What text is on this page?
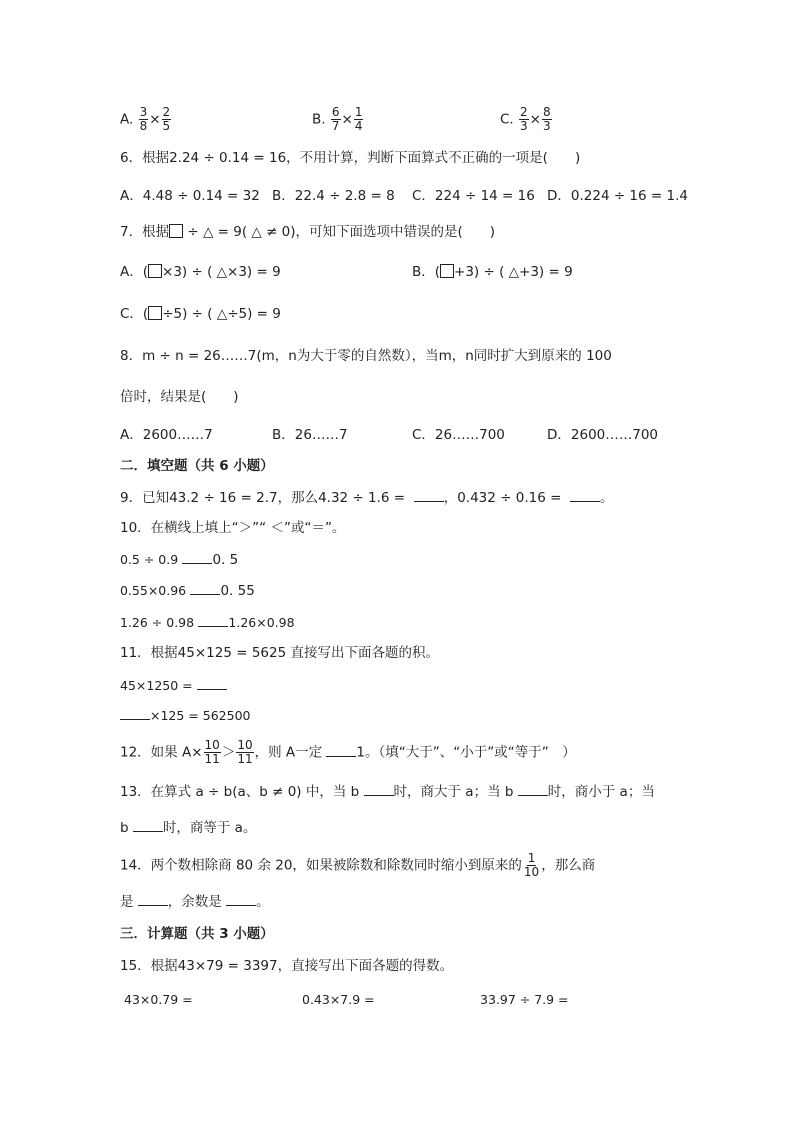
A. $\frac{3}{8} \times \frac{2}{5}$	B. $\frac{6}{7} \times \frac{1}{4}$	C. $\frac{2}{3} \times \frac{8}{3}$
6．根据2.24 ÷ 0.14 = 16，不用计算，判断下面算式不正确的一项是(　　)
A．4.48 ÷ 0.14 = 32 B．22.4 ÷ 2.8 = 8 C．224 ÷ 14 = 16 D．0.224 ÷ 16 = 1.4
7．根据 ÷ △ = 9( △ ≠ 0)，可知下面选项中错误的是(　　)
A．( ×3) ÷ ( △×3) = 9	B．( +3) ÷ ( △+3) = 9
C．( ÷5) ÷ ( △÷5) = 9
8．m ÷ n = 26……7(m，n为大于零的自然数），当m，n同时扩大到原来的 100
倍时，结果是(　　)
A．2600……7	B．26……7	C．26……700	D．2600……700
二．填空题（共 6 小题）
9．已知43.2 ÷ 16 = 2.7，那么4.32 ÷ 1.6 =	，0.432 ÷ 0.16 =	。
10．在横线上填上“＞”“ ＜”或“＝”。
0.5 ÷ 0.9	0. 5
0.55×0.96	0. 55
1.26 ÷ 0.98	1.26×0.98
11．根据45×125 = 5625 直接写出下面各题的积。
45×1250 =
×125 = 562500
12．如果 $A\times \frac{10}{11} > \frac{10}{11}$ ，则 A一定	1。（填“大于”、“小于”或“等于”　）
13．在算式 a ÷ b(a、b ≠ 0) 中，当 b	时，商大于 a；当 b	时，商小于 a；当
b	时，商等于 a。
14．两个数相除商 80 余 20，如果被除数和除数同时缩小到原来的 $\frac{1}{10}$ ，那么商
是	，余数是	。
三．计算题（共 3 小题）
15．根据43×79 = 3397，直接写出下面各题的得数。
43×0.79 =	0.43×7.9 =	33.97 ÷ 7.9 =
